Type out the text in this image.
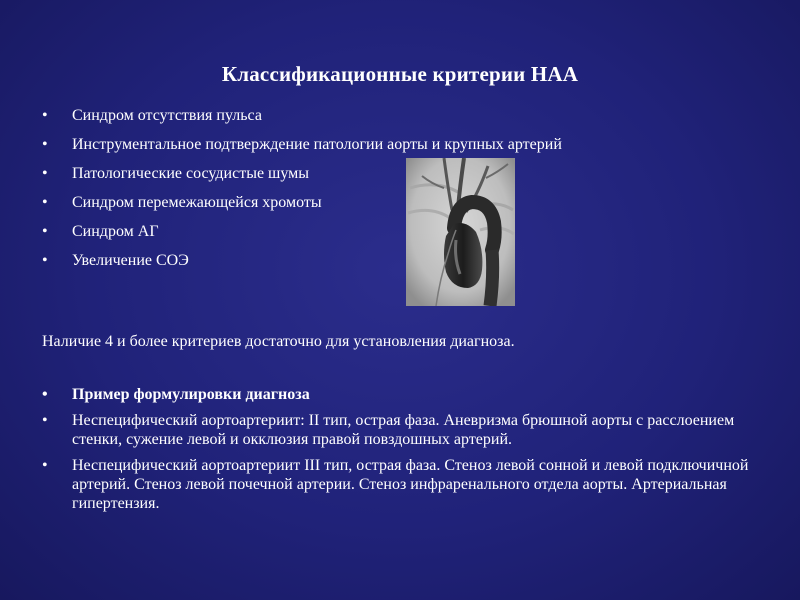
Классификационные критерии НАА
• Синдром отсутствия пульса
• Инструментальное подтверждение патологии аорты и крупных артерий
• Патологические сосудистые шумы
• Синдром перемежающейся хромоты
• Синдром АГ
• Увеличение СОЭ
Наличие 4 и более критериев достаточно для установления диагноза.
• Пример формулировки диагноза
• Неспецифический аортоартериит: II тип, острая фаза. Аневризма брюшной аорты с расслоением стенки, сужение левой и окклюзия правой повздошных артерий.
• Неспецифический аортоартериит III тип, острая фаза. Стеноз левой сонной и левой подключичной артерий. Стеноз левой почечной артерии. Стеноз инфраренального отдела аорты. Артериальная гипертензия.
